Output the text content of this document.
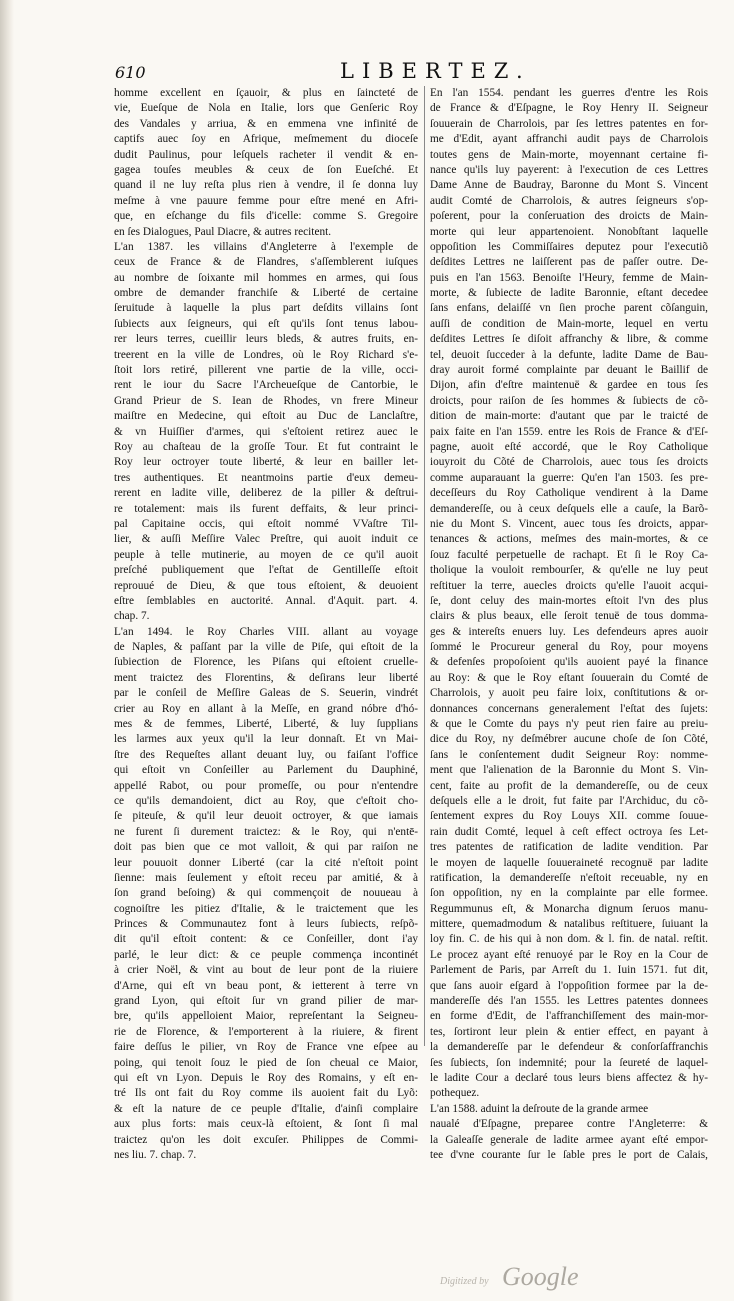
610	LIBERTEZ.
homme excellent en ſçauoir, & plus en ſaincteté de
vie, Eueſque de Nola en Italie, lors que Genſeric Roy
des Vandales y arriua, & en emmena vne infinité de
captifs auec ſoy en Afrique, meſmement du dioceſe
dudit Paulinus, pour leſquels racheter il vendit & en-
gagea touſes meubles & ceux de ſon Eueſché. Et
quand il ne luy reſta plus rien à vendre, il ſe donna luy
meſme à vne pauure femme pour eſtre mené en Afri-
que, en eſchange du fils d'icelle: comme S. Gregoire
en ſes Dialogues, Paul Diacre, & autres recitent.
L'an 1387. les villains d'Angleterre à l'exemple de
ceux de France & de Flandres, s'aſſemblerent iuſques
au nombre de ſoixante mil hommes en armes, qui ſous
ombre de demander franchiſe & Liberté de certaine
ſeruitude à laquelle la plus part deſdits villains ſont
ſubiects aux ſeigneurs, qui eſt qu'ils ſont tenus labou-
rer leurs terres, cueillir leurs bleds, & autres fruits, en-
treerent en la ville de Londres, où le Roy Richard s'e-
ſtoit lors retiré, pillerent vne partie de la ville, occi-
rent le iour du Sacre l'Archeueſque de Cantorbie, le
Grand Prieur de S. Iean de Rhodes, vn frere Mineur
maiſtre en Medecine, qui eſtoit au Duc de Lanclaſtre,
& vn Huiſſier d'armes, qui s'eſtoient retirez auec le
Roy au chaſteau de la groſſe Tour. Et fut contraint le
Roy leur octroyer toute liberté, & leur en bailler let-
tres authentiques. Et neantmoins partie d'eux demeu-
rerent en ladite ville, deliberez de la piller & deſtrui-
re totalement: mais ils furent deffaits, & leur princi-
pal Capitaine occis, qui eſtoit nommé VVaſtre Til-
lier, & auſſi Meſſire Valec Preſtre, qui auoit induit ce
peuple à telle mutinerie, au moyen de ce qu'il auoit
preſché publiquement que l'eſtat de Gentilleſſe eſtoit
reprouué de Dieu, & que tous eſtoient, & deuoient
eſtre ſemblables en auctorité. Annal. d'Aquit. part. 4.
chap. 7.
L'an 1494. le Roy Charles VIII. allant au voyage
de Naples, & paſſant par la ville de Piſe, qui eſtoit de la
ſubiection de Florence, les Piſans qui eſtoient cruelle-
ment traictez des Florentins, & deſirans leur liberté
par le conſeil de Meſſire Galeas de S. Seuerin, vindrét
crier au Roy en allant à la Meſſe, en grand nóbre d'hó-
mes & de femmes, Liberté, Liberté, & luy ſupplians
les larmes aux yeux qu'il la leur donnaſt. Et vn Mai-
ſtre des Requeſtes allant deuant luy, ou faiſant l'office
qui eſtoit vn Conſeiller au Parlement du Dauphiné,
appellé Rabot, ou pour promeſſe, ou pour n'entendre
ce qu'ils demandoient, dict au Roy, que c'eſtoit cho-
ſe piteuſe, & qu'il leur deuoit octroyer, & que iamais
ne furent ſi durement traictez: & le Roy, qui n'entē-
doit pas bien que ce mot valloit, & qui par raiſon ne
leur pouuoit donner Liberté (car la cité n'eſtoit point
ſienne: mais ſeulement y eſtoit receu par amitié, & à
ſon grand beſoing) & qui commençoit de nouueau à
cognoiſtre les pitiez d'Italie, & le traictement que les
Princes & Communautez font à leurs ſubiects, reſpõ-
dit qu'il eſtoit content: & ce Conſeiller, dont i'ay
parlé, le leur dict: & ce peuple commença incontinét
à crier Noël, & vint au bout de leur pont de la riuiere
d'Arne, qui eſt vn beau pont, & ietterent à terre vn
grand Lyon, qui eſtoit ſur vn grand pilier de mar-
bre, qu'ils appelloient Maior, repreſentant la Seigneu-
rie de Florence, & l'emporterent à la riuiere, & firent
faire deſſus le pilier, vn Roy de France vne eſpee au
poing, qui tenoit ſouz le pied de ſon cheual ce Maior,
qui eſt vn Lyon. Depuis le Roy des Romains, y eſt en-
tré Ils ont fait du Roy comme ils auoient fait du Lyõ:
& eſt la nature de ce peuple d'Italie, d'ainſi complaire
aux plus forts: mais ceux-là eſtoient, & ſont ſi mal
traictez qu'on les doit excuſer. Philippes de Commi-
nes liu. 7. chap. 7.
En l'an 1554. pendant les guerres d'entre les Rois
de France & d'Eſpagne, le Roy Henry II. Seigneur
ſouuerain de Charrolois, par ſes lettres patentes en for-
me d'Edit, ayant affranchi audit pays de Charrolois
toutes gens de Main-morte, moyennant certaine fi-
nance qu'ils luy payerent: à l'execution de ces Lettres
Dame Anne de Baudray, Baronne du Mont S. Vincent
audit Comté de Charrolois, & autres ſeigneurs s'op-
poſerent, pour la conſeruation des droicts de Main-
morte qui leur appartenoient. Nonobſtant laquelle
oppoſition les Commiſſaires deputez pour l'executiõ
deſdites Lettres ne laiſſerent pas de paſſer outre. De-
puis en l'an 1563. Benoiſte l'Heury, femme de Main-
morte, & ſubiecte de ladite Baronnie, eſtant decedee
ſans enfans, delaiſſé vn ſien proche parent cõſanguin,
auſſi de condition de Main-morte, lequel en vertu
deſdites Lettres ſe diſoit affranchy & libre, & comme
tel, deuoit ſucceder à la defunte, ladite Dame de Bau-
dray auroit formé complainte par deuant le Baillif de
Dijon, afin d'eſtre maintenuë & gardee en tous ſes
droicts, pour raiſon de ſes hommes & ſubiects de cõ-
dition de main-morte: d'autant que par le traicté de
paix faite en l'an 1559. entre les Rois de France & d'Eſ-
pagne, auoit eſté accordé, que le Roy Catholique
iouyroit du Cõté de Charrolois, auec tous ſes droicts
comme auparauant la guerre: Qu'en l'an 1503. ſes pre-
deceſſeurs du Roy Catholique vendirent à la Dame
demandereſſe, ou à ceux deſquels elle a cauſe, la Barõ-
nie du Mont S. Vincent, auec tous ſes droicts, appar-
tenances & actions, meſmes des main-mortes, & ce
ſouz faculté perpetuelle de rachapt. Et ſi le Roy Ca-
tholique la vouloit rembourſer, & qu'elle ne luy peut
reſtituer la terre, auecles droicts qu'elle l'auoit acqui-
ſe, dont celuy des main-mortes eſtoit l'vn des plus
clairs & plus beaux, elle ſeroit tenuë de tous domma-
ges & intereſts enuers luy. Les defendeurs apres auoir
ſommé le Procureur general du Roy, pour moyens
& defenſes propoſoient qu'ils auoient payé la finance
au Roy: & que le Roy eſtant ſouuerain du Comté de
Charrolois, y auoit peu faire loix, conſtitutions & or-
donnances concernans generalement l'eſtat des ſujets:
& que le Comte du pays n'y peut rien faire au preiu-
dice du Roy, ny deſmébrer aucune choſe de ſon Cõté,
ſans le conſentement dudit Seigneur Roy: nomme-
ment que l'alienation de la Baronnie du Mont S. Vin-
cent, faite au profit de la demandereſſe, ou de ceux
deſquels elle a le droit, fut faite par l'Archiduc, du cõ-
ſentement expres du Roy Louys XII. comme ſouue-
rain dudit Comté, lequel à ceſt effect octroya ſes Let-
tres patentes de ratification de ladite vendition. Par
le moyen de laquelle ſouueraineté recognuë par ladite
ratification, la demandereſſe n'eſtoit receuable, ny en
ſon oppoſition, ny en la complainte par elle formee.
Regummunus eſt, & Monarcha dignum ſeruos manu-
mittere, quemadmodum & natalibus reſtituere, ſuiuant la
loy fin. C. de his qui à non dom. & l. fin. de natal. reſtit.
Le procez ayant eſté renuoyé par le Roy en la Cour de
Parlement de Paris, par Arreſt du 1. Iuin 1571. fut dit,
que ſans auoir eſgard à l'oppoſition formee par la de-
mandereſſe dés l'an 1555. les Lettres patentes donnees
en forme d'Edit, de l'affranchiſſement des main-mor-
tes, ſortiront leur plein & entier effect, en payant à
la demandereſſe par le defendeur & conſorſaffranchis
ſes ſubiects, ſon indemnité; pour la ſeureté de laquel-
le ladite Cour a declaré tous leurs biens affectez & hy-
pothequez.
L'an 1588. aduint la deſroute de la grande armee
naualé d'Eſpagne, preparee contre l'Angleterre: &
la Galeaſſe generale de ladite armee ayant eſté empor-
tee d'vne courante ſur le ſable pres le port de Calais,
Digitized by Google
